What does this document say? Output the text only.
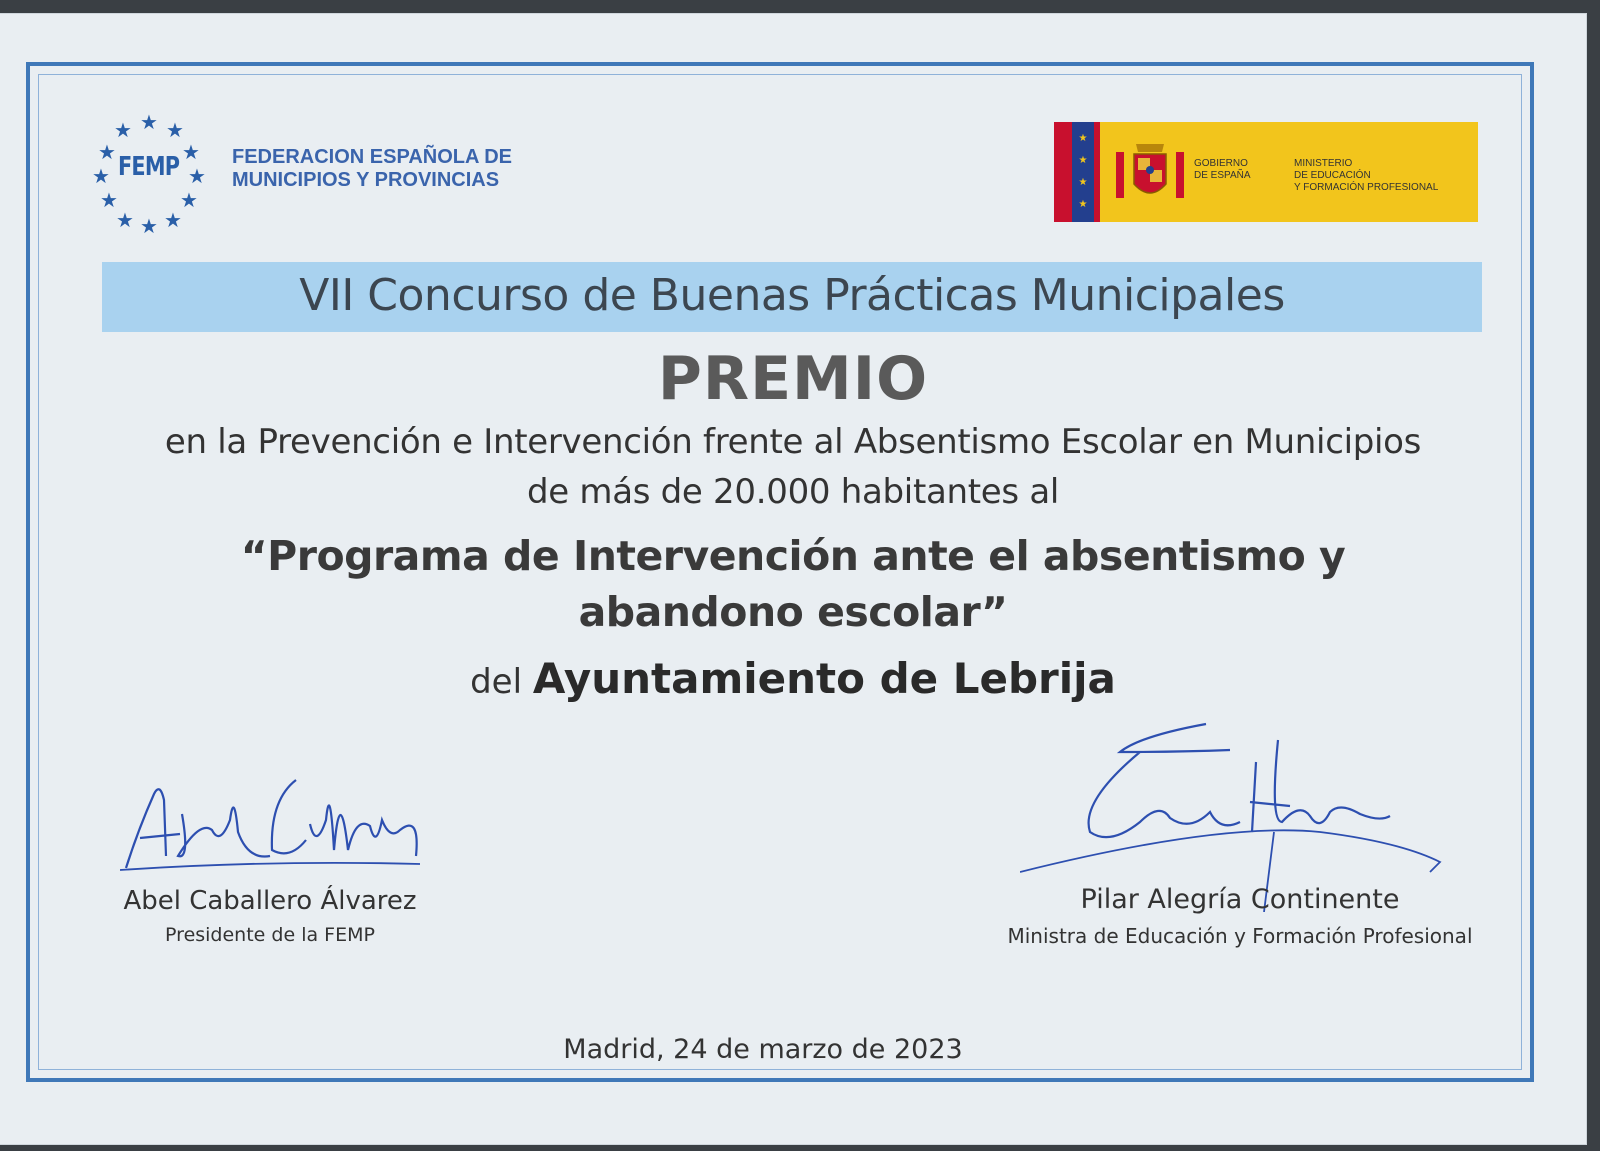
★ ★
★
★
★
★
★
★
★
★
★
★
FEMP	FEDERACION ESPAÑOLA DE
MUNICIPIOS Y PROVINCIAS
★
★
★
★
GOBIERNO
DE ESPAÑA
MINISTERIO
DE EDUCACIÓN
Y FORMACIÓN PROFESIONAL
VII Concurso de Buenas Prácticas Municipales
PREMIO
en la Prevención e Intervención frente al Absentismo Escolar en Municipios
de más de 20.000 habitantes al
“Programa de Intervención ante el absentismo y
abandono escolar”
del Ayuntamiento de Lebrija
Abel Caballero Álvarez
Presidente de la FEMP
Pilar Alegría Continente
Ministra de Educación y Formación Profesional
Madrid, 24 de marzo de 2023
